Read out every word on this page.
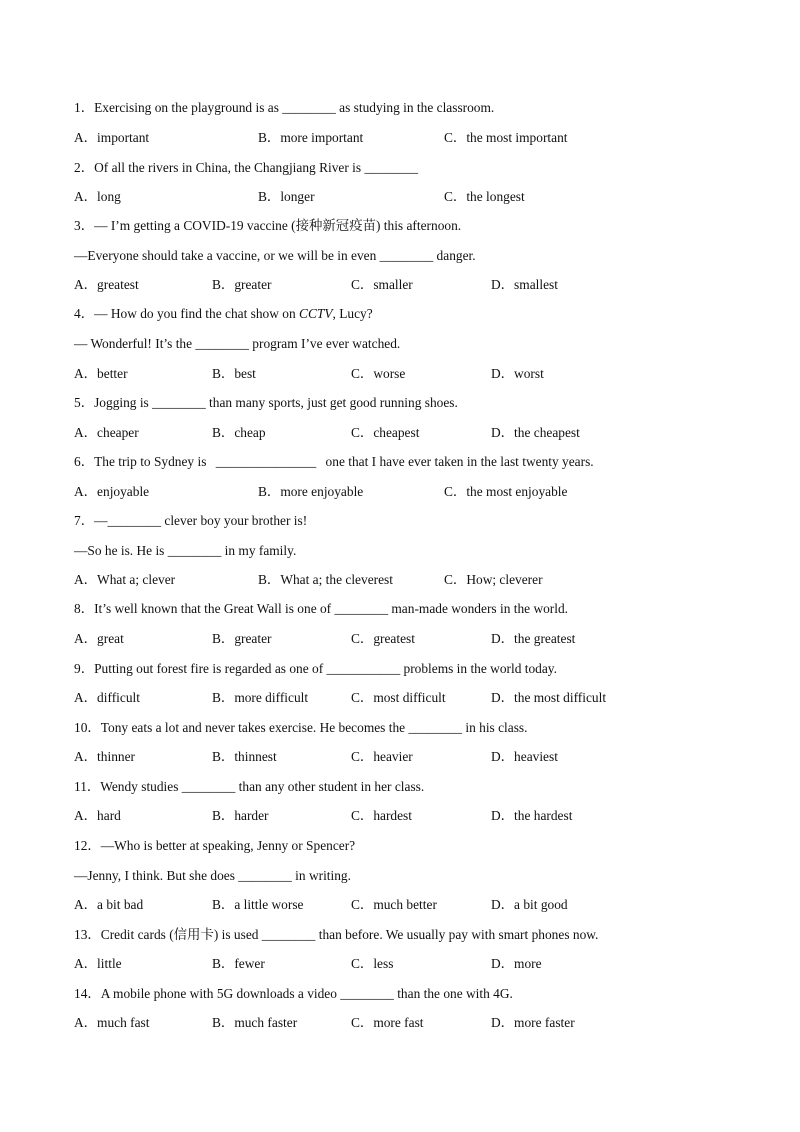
1．Exercising on the playground is as ________ as studying in the classroom.
A．important	B．more important	C．the most important
2．Of all the rivers in China, the Changjiang River is ________
A．long	B．longer	C．the longest
3．— I’m getting a COVID-19 vaccine (接种新冠疫苗) this afternoon.
—Everyone should take a vaccine, or we will be in even ________ danger.
A．greatest	B．greater	C．smaller	D．smallest
4．— How do you find the chat show on CCTV, Lucy?
— Wonderful! It’s the ________ program I’ve ever watched.
A．better	B．best	C．worse	D．worst
5．Jogging is ________ than many sports, just get good running shoes.
A．cheaper	B．cheap	C．cheapest	D．the cheapest
6．The trip to Sydney is _______________ one that I have ever taken in the last twenty years.
A．enjoyable	B．more enjoyable	C．the most enjoyable
7．—________ clever boy your brother is!
—So he is. He is ________ in my family.
A．What a; clever	B．What a; the cleverest	C．How; cleverer
8．It’s well known that the Great Wall is one of ________ man-made wonders in the world.
A．great	B．greater	C．greatest	D．the greatest
9．Putting out forest fire is regarded as one of ___________ problems in the world today.
A．difficult	B．more difficult	C．most difficult	D．the most difficult
10．Tony eats a lot and never takes exercise. He becomes the ________ in his class.
A．thinner	B．thinnest	C．heavier	D．heaviest
11．Wendy studies ________ than any other student in her class.
A．hard	B．harder	C．hardest	D．the hardest
12．—Who is better at speaking, Jenny or Spencer?
—Jenny, I think. But she does ________ in writing.
A．a bit bad	B．a little worse	C．much better	D．a bit good
13．Credit cards (信用卡) is used ________ than before. We usually pay with smart phones now.
A．little	B．fewer	C．less	D．more
14．A mobile phone with 5G downloads a video ________ than the one with 4G.
A．much fast	B．much faster	C．more fast	D．more faster
